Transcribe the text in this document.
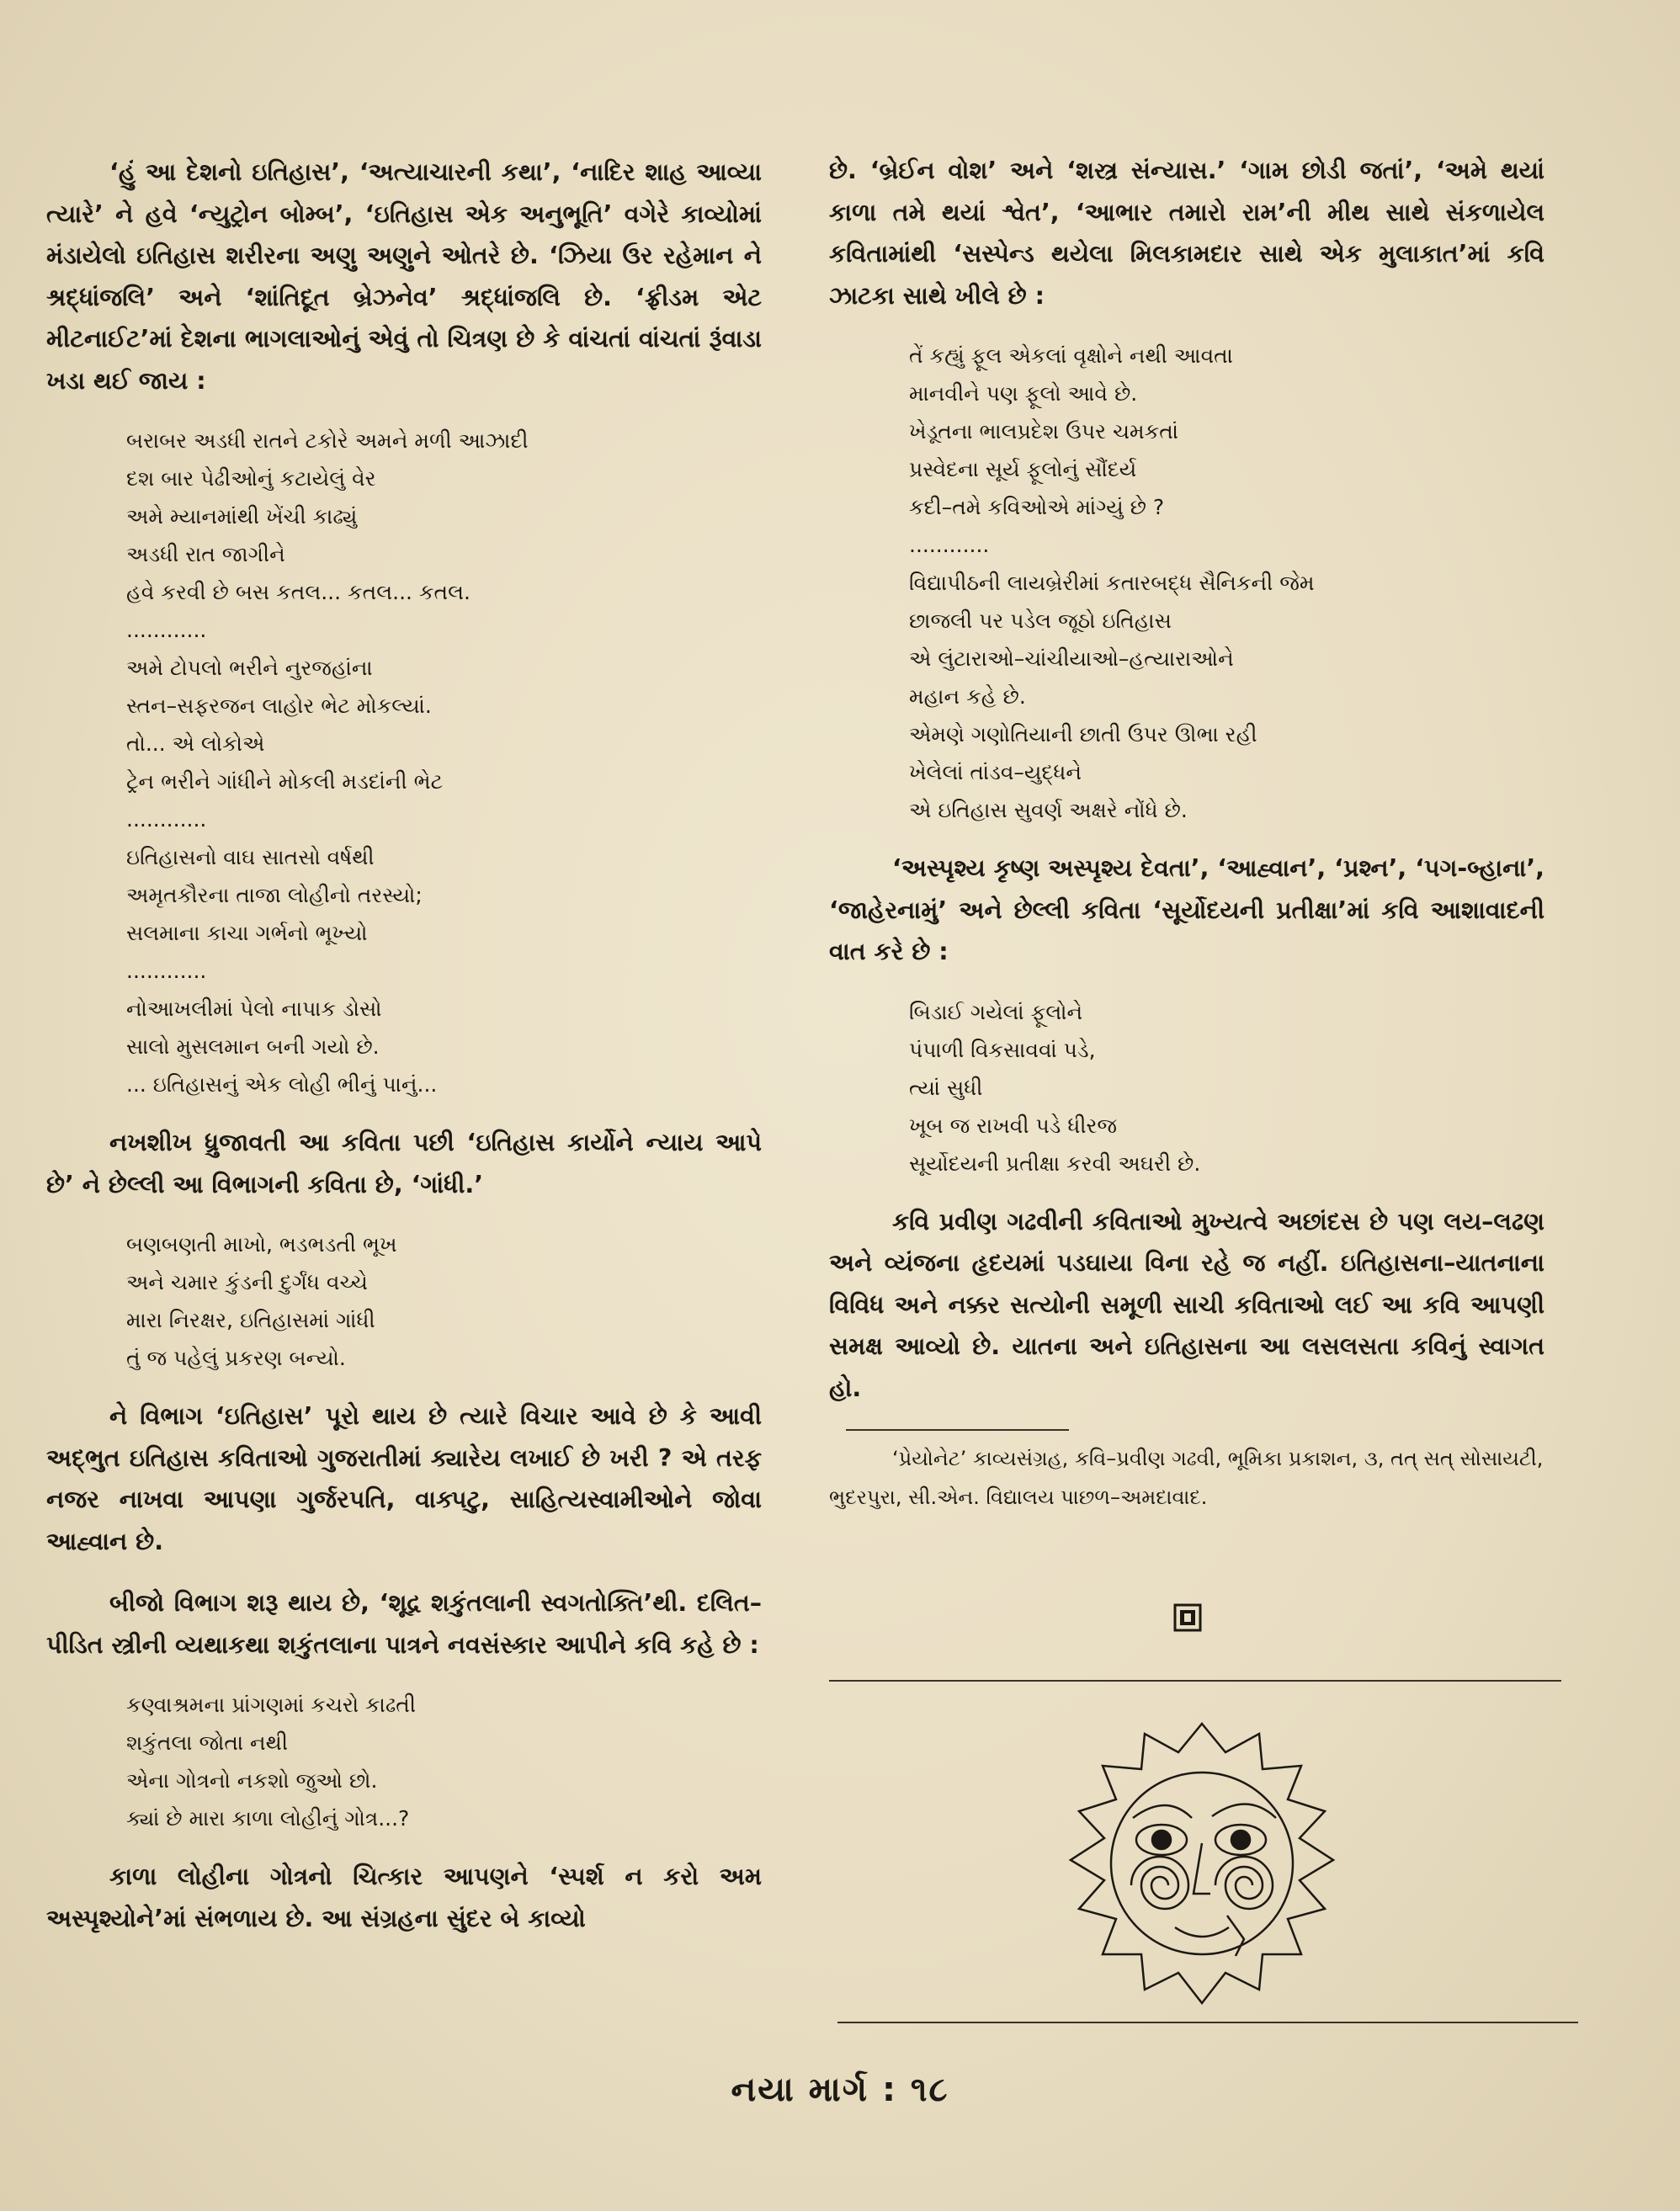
‘હું આ દેશનો ઇતિહાસ’, ‘અત્યાચારની કથા’, ‘નાદિર શાહ આવ્યા ત્યારે’ ને હવે ‘ન્યુટ્રોન બોમ્બ’, ‘ઇતિહાસ એક અનુભૂતિ’ વગેરે કાવ્યોમાં મંડાયેલો ઇતિહાસ શરીરના અણુ અણુને ઓતરે છે. ‘ઝિયા ઉર રહેમાન ને શ્રદ્ધાંજલિ’ અને ‘શાંતિદૂત બ્રેઝનેવ’ શ્રદ્ધાંજલિ છે. ‘ફ્રીડમ એટ મીટનાઈટ’માં દેશના ભાગલાઓનું એવું તો ચિત્રણ છે કે વાંચતાં વાંચતાં રૂંવાડા ખડા થઈ જાય :

બરાબર અડધી રાતને ટકોરે અમને મળી આઝાદી
દશ બાર પેઢીઓનું કટાયેલું વેર
અમે મ્યાનમાંથી ખેંચી કાઢ્યું
અડધી રાત જાગીને
હવે કરવી છે બસ કતલ... કતલ... કતલ.
............
અમે ટોપલો ભરીને નુરજહાંના
સ્તન–સફરજન લાહોર ભેટ મોકલ્યાં.
તો... એ લોકોએ
ટ્રેન ભરીને ગાંધીને મોકલી મડદાંની ભેટ
............
ઇતિહાસનો વાઘ સાતસો વર્ષથી
અમૃતકૌરના તાજા લોહીનો તરસ્યો;
સલમાના કાચા ગર્ભનો ભૂખ્યો
............
નોઆખલીમાં પેલો નાપાક ડોસો
સાલો મુસલમાન બની ગયો છે.
... ઇતિહાસનું એક લોહી ભીનું પાનું...

નખશીખ ધ્રુજાવતી આ કવિતા પછી ‘ઇતિહાસ કાર્યોને ન્યાય આપે છે’ ને છેલ્લી આ વિભાગની કવિતા છે, ‘ગાંધી.’

બણબણતી માખો, ભડભડતી ભૂખ
અને ચમાર કુંડની દુર્ગંધ વચ્ચે
મારા નિરક્ષર, ઇતિહાસમાં ગાંધી
તું જ પહેલું પ્રકરણ બન્યો.

ને વિભાગ ‘ઇતિહાસ’ પૂરો થાય છે ત્યારે વિચાર આવે છે કે આવી અદ્ભુત ઇતિહાસ કવિતાઓ ગુજરાતીમાં ક્યારેય લખાઈ છે ખરી ? એ તરફ નજર નાખવા આપણા ગુર્જરપતિ, વાક્પટુ, સાહિત્યસ્વામીઓને જોવા આહ્વાન છે.

બીજો વિભાગ શરૂ થાય છે, ‘શૂદ્ર શકુંતલાની સ્વગતોક્તિ’થી. દલિત–પીડિત સ્ત્રીની વ્યથાકથા શકુંતલાના પાત્રને નવસંસ્કાર આપીને કવિ કહે છે :

કણ્વાશ્રમના પ્રાંગણમાં કચરો કાઢતી
શકુંતલા જોતા નથી
એના ગોત્રનો નકશો જુઓ છો.
ક્યાં છે મારા કાળા લોહીનું ગોત્ર...?

કાળા લોહીના ગોત્રનો ચિત્કાર આપણને ‘સ્પર્શ ન કરો અમ અસ્પૃશ્યોને’માં સંભળાય છે. આ સંગ્રહના સુંદર બે કાવ્યો

છે. ‘બ્રેઈન વોશ’ અને ‘શસ્ત્ર સંન્યાસ.’ ‘ગામ છોડી જતાં’, ‘અમે થયાં કાળા તમે થયાં શ્વેત’, ‘આભાર તમારો રામ’ની મીથ સાથે સંકળાયેલ કવિતામાંથી ‘સસ્પેન્ડ થયેલા મિલકામદાર સાથે એક મુલાકાત’માં કવિ ઝાટકા સાથે ખીલે છે :

તેં કહ્યું ફૂલ એકલાં વૃક્ષોને નથી આવતા
માનવીને પણ ફૂલો આવે છે.
ખેડૂતના ભાલપ્રદેશ ઉપર ચમકતાં
પ્રસ્વેદના સૂર્ય ફૂલોનું સૌંદર્ય
કદી–તમે કવિઓએ માંગ્યું છે ?
............
વિદ્યાપીઠની લાયબ્રેરીમાં કતારબદ્ધ સૈનિકની જેમ
છાજલી પર પડેલ જૂઠો ઇતિહાસ
એ લુંટારાઓ–ચાંચીયાઓ–હત્યારાઓને
મહાન કહે છે.
એમણે ગણોતિયાની છાતી ઉપર ઊભા રહી
ખેલેલાં તાંડવ–યુદ્ધને
એ ઇતિહાસ સુવર્ણ અક્ષરે નોંધે છે.

‘અસ્પૃશ્ય કૃષ્ણ અસ્પૃશ્ય દેવતા’, ‘આહ્વાન’, ‘પ્રશ્ન’, ‘પગ-બ્હાના’, ‘જાહેરનામું’ અને છેલ્લી કવિતા ‘સૂર્યોદયની પ્રતીક્ષા’માં કવિ આશાવાદની વાત કરે છે :

બિડાઈ ગયેલાં ફૂલોને
પંપાળી વિકસાવવાં પડે,
ત્યાં સુધી
ખૂબ જ રાખવી પડે ધીરજ
સૂર્યોદયની પ્રતીક્ષા કરવી અઘરી છે.

કવિ પ્રવીણ ગઢવીની કવિતાઓ મુખ્યત્વે અછાંદસ છે પણ લય–લઢણ અને વ્યંજના હૃદયમાં પડઘાયા વિના રહે જ નહીં. ઇતિહાસના–યાતનાના વિવિધ અને નક્કર સત્યોની સમૂળી સાચી કવિતાઓ લઈ આ કવિ આપણી સમક્ષ આવ્યો છે. યાતના અને ઇતિહાસના આ લસલસતા કવિનું સ્વાગત હો.

‘પ્રેયોનેટ’ કાવ્યસંગ્રહ, કવિ–પ્રવીણ ગઢવી, ભૂમિકા પ્રકાશન, ૩, તત્ સત્ સોસાયટી, ભુદરપુરા, સી.એન. વિદ્યાલય પાછળ–અમદાવાદ.

નયા માર્ગ : ૧૮
